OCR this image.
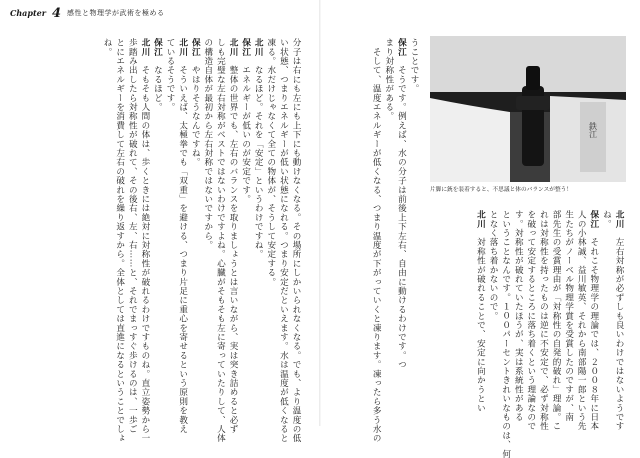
Chapter 4 感性と物理学が武術を極める
分子は右にも左にも上下にも動けなくなる。その場所にしかいられなくなる。でも、より温度の低
い状態、つまりエネルギーが低い状態になれる。つまり安定だといえます。水は温度が低くなると
凍る。水だけじゃなくて全ての物体が、そうして安定する。
北川　なるほど。それを「安定」というわけですね。
保江　エネルギーが低いのが安定です。
北川　整体の世界でも、左右のバランスを取りましょうとは言いながら、実は突き詰めると必ず
しも完璧な左右対称がベストではないわけですよね。心臓がそもそも左に寄っていたりして、人体
の構造自体が最初から左右対称ではないですから。
保江　やはりそうなんですね。
北川　そういえば、太極拳でも「双重」を避ける、つまり片足に重心を寄せるという原則を教え
ているそうです。
保江　なるほど。
北川　そもそも人間の体は、歩くときには絶対に対称性が破れるわけですものね。直立姿勢から一
歩踏み出したら対称性が破れて、その後右、左、右……と、それでまっすぐ歩けるのは、一歩ご
とにエネルギーを消費して左右の破れを繰り返すから。全体としては直進になるということでしょ
ね。	うことです。
保江　そうです。例えば、水の分子は前後上下左右、自由に動けるわけです。つ
まり対称性がある。
　そして、温度エネルギーが低くなる、つまり温度が下がっていくと凍ります。凍ったら多う水の	北川　左右対称が必ずしも良いわけではないようです
ね。
保江　それこそ物理学の理論では、２００８年に日本
人の小林誠、益川敏英、それから南部陽一郎という先
生たちがノーベル物理学賞を受賞したのですが、南
部先生の受賞理由が「対称性の自発的破れ」理論。こ
れは対称性を持ったものは逆に不安定で、必ず対称性
を破って安定するところに落ち着くという理論なので
す。対称性が破れていたほうが、実は系統性がある
ということなんです。１００パーセントきれいなものは、何
となく落ち着かないので。
北川　対称性が破れることで、安定に向かうとい
鉄江
片脚に銃を装着すると、不思議と体のバランスが整う！
